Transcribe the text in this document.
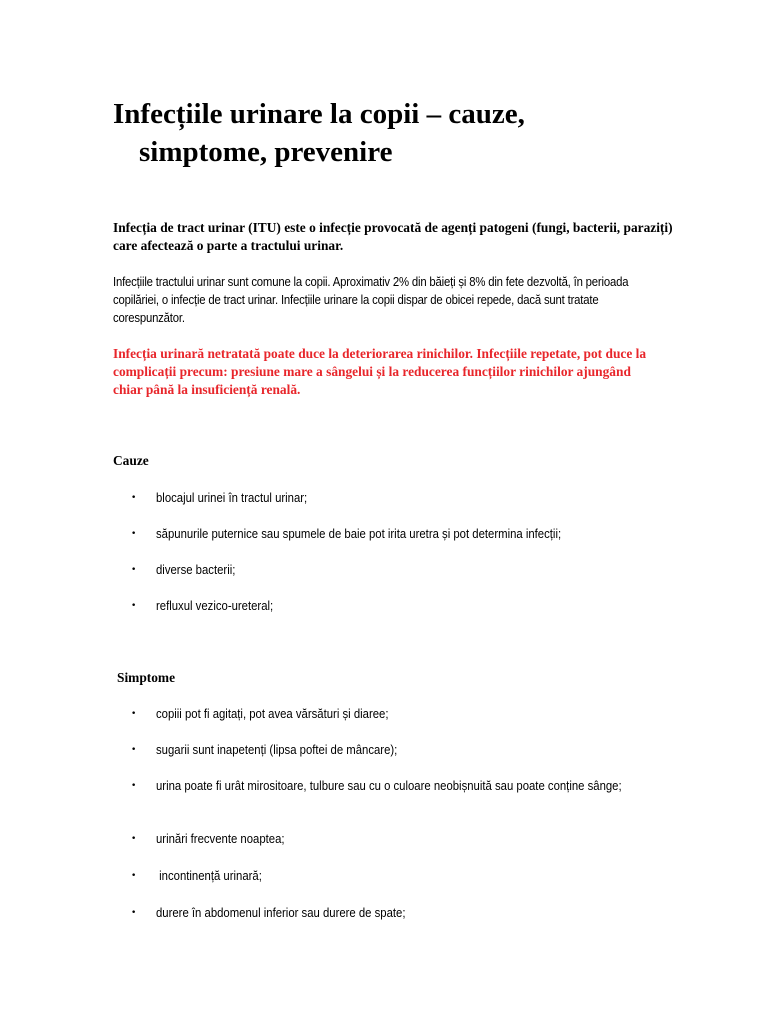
Infecțiile urinare la copii – cauze,
simptome, prevenire

Infecția de tract urinar (ITU) este o infecție provocată de agenți patogeni (fungi, bacterii, paraziți) care afectează o parte a tractului urinar.

Infecțiile tractului urinar sunt comune la copii. Aproximativ 2% din băieți și 8% din fete dezvoltă, în perioada copilăriei, o infecție de tract urinar. Infecțiile urinare la copii dispar de obicei repede, dacă sunt tratate corespunzător.

Infecția urinară netratată poate duce la deteriorarea rinichilor. Infecțiile repetate, pot duce la complicații precum: presiune mare a sângelui și la reducerea funcțiilor rinichilor ajungând chiar până la insuficiență renală.

Cauze
• blocajul urinei în tractul urinar;
• săpunurile puternice sau spumele de baie pot irita uretra și pot determina infecții;
• diverse bacterii;
• refluxul vezico-ureteral;
Simptome
• copiii pot fi agitați, pot avea vărsături și diaree;
• sugarii sunt inapetenți (lipsa poftei de mâncare);
• urina poate fi urât mirositoare, tulbure sau cu o culoare neobișnuită sau poate conține sânge;
• urinări frecvente noaptea;
• incontinență urinară;
• durere în abdomenul inferior sau durere de spate;
